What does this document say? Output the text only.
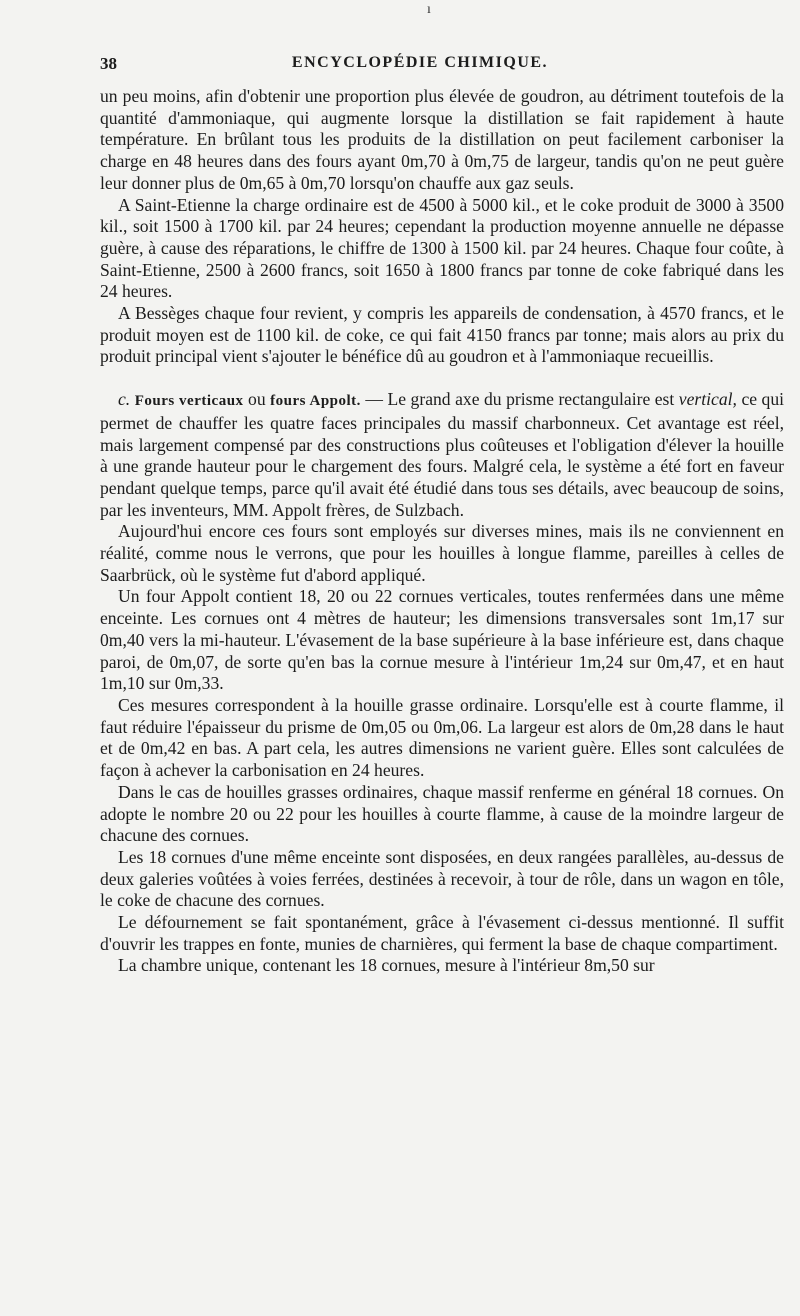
ı
38	ENCYCLOPÉDIE CHIMIQUE.

un peu moins, afin d'obtenir une proportion plus élevée de goudron, au détriment toutefois de la quantité d'ammoniaque, qui augmente lorsque la distillation se fait rapidement à haute température. En brûlant tous les produits de la distillation on peut facilement carboniser la charge en 48 heures dans des fours ayant 0m,70 à 0m,75 de largeur, tandis qu'on ne peut guère leur donner plus de 0m,65 à 0m,70 lorsqu'on chauffe aux gaz seuls.

A Saint-Etienne la charge ordinaire est de 4500 à 5000 kil., et le coke produit de 3000 à 3500 kil., soit 1500 à 1700 kil. par 24 heures; cependant la production moyenne annuelle ne dépasse guère, à cause des réparations, le chiffre de 1300 à 1500 kil. par 24 heures. Chaque four coûte, à Saint-Etienne, 2500 à 2600 francs, soit 1650 à 1800 francs par tonne de coke fabriqué dans les 24 heures.

A Bessèges chaque four revient, y compris les appareils de condensation, à 4570 francs, et le produit moyen est de 1100 kil. de coke, ce qui fait 4150 francs par tonne; mais alors au prix du produit principal vient s'ajouter le bénéfice dû au goudron et à l'ammoniaque recueillis.

c. Fours verticaux ou fours Appolt. — Le grand axe du prisme rectangulaire est vertical, ce qui permet de chauffer les quatre faces principales du massif charbonneux. Cet avantage est réel, mais largement compensé par des constructions plus coûteuses et l'obligation d'élever la houille à une grande hauteur pour le chargement des fours. Malgré cela, le système a été fort en faveur pendant quelque temps, parce qu'il avait été étudié dans tous ses détails, avec beaucoup de soins, par les inventeurs, MM. Appolt frères, de Sulzbach.

Aujourd'hui encore ces fours sont employés sur diverses mines, mais ils ne conviennent en réalité, comme nous le verrons, que pour les houilles à longue flamme, pareilles à celles de Saarbrück, où le système fut d'abord appliqué.

Un four Appolt contient 18, 20 ou 22 cornues verticales, toutes renfermées dans une même enceinte. Les cornues ont 4 mètres de hauteur; les dimensions transversales sont 1m,17 sur 0m,40 vers la mi-hauteur. L'évasement de la base supérieure à la base inférieure est, dans chaque paroi, de 0m,07, de sorte qu'en bas la cornue mesure à l'intérieur 1m,24 sur 0m,47, et en haut 1m,10 sur 0m,33.

Ces mesures correspondent à la houille grasse ordinaire. Lorsqu'elle est à courte flamme, il faut réduire l'épaisseur du prisme de 0m,05 ou 0m,06. La largeur est alors de 0m,28 dans le haut et de 0m,42 en bas. A part cela, les autres dimensions ne varient guère. Elles sont calculées de façon à achever la carbonisation en 24 heures.

Dans le cas de houilles grasses ordinaires, chaque massif renferme en général 18 cornues. On adopte le nombre 20 ou 22 pour les houilles à courte flamme, à cause de la moindre largeur de chacune des cornues.

Les 18 cornues d'une même enceinte sont disposées, en deux rangées parallèles, au-dessus de deux galeries voûtées à voies ferrées, destinées à recevoir, à tour de rôle, dans un wagon en tôle, le coke de chacune des cornues.

Le défournement se fait spontanément, grâce à l'évasement ci-dessus mentionné. Il suffit d'ouvrir les trappes en fonte, munies de charnières, qui ferment la base de chaque compartiment.

La chambre unique, contenant les 18 cornues, mesure à l'intérieur 8m,50 sur
